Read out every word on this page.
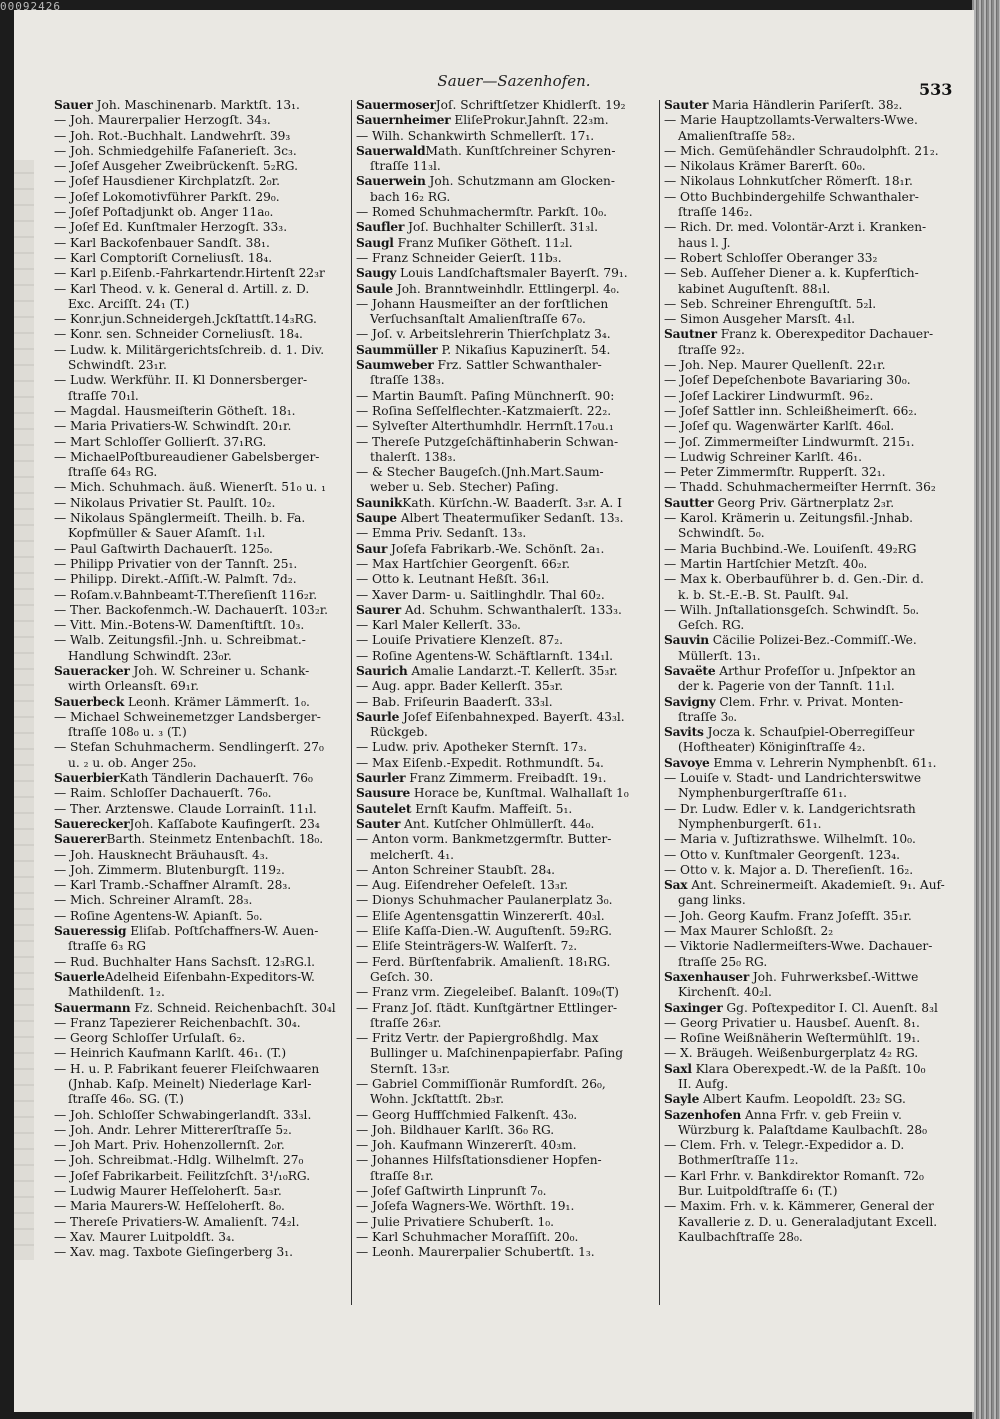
Sauer—Sazenhofen.	533
Sauer Joh. Maschinenarb. Marktſt. 13₁.
— Joh. Maurerpalier Herzogſt. 34₃.
— Joh. Rot.-Buchhalt. Landwehrſt. 39₃
— Joh. Schmiedgehilfe Faſanerieſt. 3c₃.
— Joſef Ausgeher Zweibrückenſt. 5₂RG.
— Joſef Hausdiener Kirchplatzſt. 2₀r.
— Joſef Lokomotivführer Parkſt. 29₀.
— Joſef Poſtadjunkt ob. Anger 11a₀.
— Joſef Ed. Kunſtmaler Herzogſt. 33₃.
— Karl Backofenbauer Sandſt. 38₁.
— Karl Comptoriſt Corneliusſt. 18₄.
— Karl p.Eiſenb.-Fahrkartendr.Hirtenſt 22₃r
— Karl Theod. v. k. General d. Artill. z. D.
Exc. Arciſſt. 24₁ (T.)
— Konr.jun.Schneidergeh.Jckſtattſt.14₃RG.
— Konr. sen. Schneider Corneliusſt. 18₄.
— Ludw. k. Militärgerichtsſchreib. d. 1. Div.
Schwindſt. 23₁r.
— Ludw. Werkführ. II. Kl Donnersberger-
ſtraſſe 70₁l.
— Magdal. Hausmeiſterin Götheſt. 18₁.
— Maria Privatiers-W. Schwindſt. 20₁r.
— Mart Schloſſer Gollierſt. 37₁RG.
— MichaelPoſtbureaudiener Gabelsberger-
ſtraſſe 64₃ RG.
— Mich. Schuhmach. äuß. Wienerſt. 51₀ u. ₁
— Nikolaus Privatier St. Paulſt. 10₂.
— Nikolaus Spänglermeiſt. Theilh. b. Fa.
Kopfmüller & Sauer Aſamſt. 1₁l.
— Paul Gaſtwirth Dachauerſt. 125₀.
— Philipp Privatier von der Tannſt. 25₁.
— Philipp. Direkt.-Aſſiſt.-W. Palmſt. 7d₂.
— Roſam.v.Bahnbeamt-T.Thereſienſt 116₂r.
— Ther. Backofenmch.-W. Dachauerſt. 103₂r.
— Vitt. Min.-Botens-W. Damenſtiftſt. 10₃.
— Walb. Zeitungsfil.-Jnh. u. Schreibmat.-
Handlung Schwindſt. 23₀r.
Saueracker Joh. W. Schreiner u. Schank-
wirth Orleansſt. 69₁r.
Sauerbeck Leonh. Krämer Lämmerſt. 1₀.
— Michael Schweinemetzger Landsberger-
ſtraſſe 108₀ u. ₃ (T.)
— Stefan Schuhmacherm. Sendlingerſt. 27₀
u. ₂ u. ob. Anger 25₀.
SauerbierKath Tändlerin Dachauerſt. 76₀
— Raim. Schloſſer Dachauerſt. 76₀.
— Ther. Arztenswe. Claude Lorrainſt. 11₁l.
SauereckerJoh. Kaſſabote Kaufingerſt. 23₄
SauererBarth. Steinmetz Entenbachſt. 18₀.
— Joh. Hausknecht Bräuhausſt. 4₃.
— Joh. Zimmerm. Blutenburgſt. 119₂.
— Karl Tramb.-Schaffner Alramſt. 28₃.
— Mich. Schreiner Alramſt. 28₃.
— Roſine Agentens-W. Apianſt. 5₀.
Saueressig Eliſab. Poſtſchaffners-W. Auen-
ſtraſſe 6₃ RG
— Rud. Buchhalter Hans Sachsſt. 12₃RG.l.
SauerleAdelheid Eiſenbahn-Expeditors-W.
Mathildenſt. 1₂.
Sauermann Fz. Schneid. Reichenbachſt. 30₄l
— Franz Tapezierer Reichenbachſt. 30₄.
— Georg Schloſſer Urſulaſt. 6₂.
— Heinrich Kaufmann Karlſt. 46₁. (T.)
— H. u. P. Fabrikant feuerer Fleiſchwaaren
(Jnhab. Kaſp. Meinelt) Niederlage Karl-
ſtraſſe 46₀. SG. (T.)
— Joh. Schloſſer Schwabingerlandſt. 33₃l.
— Joh. Andr. Lehrer Mittererſtraſſe 5₂.
— Joh Mart. Priv. Hohenzollernſt. 2₀r.
— Joh. Schreibmat.-Hdlg. Wilhelmſt. 27₀
— Joſef Fabrikarbeit. Feilitzſchſt. 3¹/₁₀RG.
— Ludwig Maurer Heſſeloherſt. 5a₃r.
— Maria Maurers-W. Heſſeloherſt. 8₀.
— Thereſe Privatiers-W. Amalienſt. 74₂l.
— Xav. Maurer Luitpoldſt. 3₄.
— Xav. mag. Taxbote Gieſingerberg 3₁.
SauermoserJoſ. Schriftſetzer Khidlerſt. 19₂
Sauernheimer EliſeProkur.Jahnſt. 22₃m.
— Wilh. Schankwirth Schmellerſt. 17₁.
SauerwaldMath. Kunſtſchreiner Schyren-
ſtraſſe 11₃l.
Sauerwein Joh. Schutzmann am Glocken-
bach 16₂ RG.
— Romed Schuhmachermſtr. Parkſt. 10₀.
Saufler Joſ. Buchhalter Schillerſt. 31₃l.
Saugl Franz Muſiker Götheſt. 11₂l.
— Franz Schneider Geierſt. 11b₃.
Saugy Louis Landſchaftsmaler Bayerſt. 79₁.
Saule Joh. Branntweinhdlr. Ettlingerpl. 4₀.
— Johann Hausmeiſter an der forſtlichen
Verſuchsanſtalt Amalienſtraſſe 67₀.
— Joſ. v. Arbeitslehrerin Thierſchplatz 3₄.
Saummüller P. Nikaſius Kapuzinerſt. 54.
Saumweber Frz. Sattler Schwanthaler-
ſtraſſe 138₃.
— Martin Baumſt. Paſing Münchnerſt. 90:
— Roſina Seſſelflechter.-Katzmaierſt. 22₂.
— Sylveſter Alterthumhdlr. Herrnſt.17₀u.₁
— Thereſe Putzgeſchäftinhaberin Schwan-
thalerſt. 138₃.
— & Stecher Baugeſch.(Jnh.Mart.Saum-
weber u. Seb. Stecher) Paſing.
SaunikKath. Kürſchn.-W. Baaderſt. 3₃r. A. I
Saupe Albert Theatermuſiker Sedanſt. 13₃.
— Emma Priv. Sedanſt. 13₃.
Saur Joſefa Fabrikarb.-We. Schönſt. 2a₁.
— Max Hartſchier Georgenſt. 66₂r.
— Otto k. Leutnant Heßſt. 36₁l.
— Xaver Darm- u. Saitlinghdlr. Thal 60₂.
Saurer Ad. Schuhm. Schwanthalerſt. 133₃.
— Karl Maler Kellerſt. 33₀.
— Louiſe Privatiere Klenzeſt. 87₂.
— Roſine Agentens-W. Schäftlarnſt. 134₁l.
Saurich Amalie Landarzt.-T. Kellerſt. 35₃r.
— Aug. appr. Bader Kellerſt. 35₃r.
— Bab. Friſeurin Baaderſt. 33₃l.
Saurle Joſef Eiſenbahnexped. Bayerſt. 43₃l.
Rückgeb.
— Ludw. priv. Apotheker Sternſt. 17₃.
— Max Eiſenb.-Expedit. Rothmundſt. 5₄.
Saurler Franz Zimmerm. Freibadſt. 19₁.
Sausure Horace be, Kunſtmal. Walhallaſt 1₀
Sautelet Ernſt Kaufm. Maffeiſt. 5₁.
Sauter Ant. Kutſcher Ohlmüllerſt. 44₀.
— Anton vorm. Bankmetzgermſtr. Butter-
melcherſt. 4₁.
— Anton Schreiner Staubſt. 28₄.
— Aug. Eiſendreher Oefeleſt. 13₃r.
— Dionys Schuhmacher Paulanerplatz 3₀.
— Eliſe Agentensgattin Winzererſt. 40₃l.
— Eliſe Kaſſa-Dien.-W. Auguſtenſt. 59₂RG.
— Eliſe Steinträgers-W. Walſerſt. 7₂.
— Ferd. Bürſtenfabrik. Amalienſt. 18₁RG.
Geſch. 30.
— Franz vrm. Ziegeleibeſ. Balanſt. 109₀(T)
— Franz Joſ. ſtädt. Kunſtgärtner Ettlinger-
ſtraſſe 26₃r.
— Fritz Vertr. der Papiergroßhdlg. Max
Bullinger u. Maſchinenpapierfabr. Paſing
Sternſt. 13₃r.
— Gabriel Commiſſionär Rumfordſt. 26₀,
Wohn. Jckſtattſt. 2b₃r.
— Georg Huffſchmied Falkenſt. 43₀.
— Joh. Bildhauer Karlſt. 36₀ RG.
— Joh. Kaufmann Winzererſt. 40₃m.
— Johannes Hilfsſtationsdiener Hopfen-
ſtraſſe 8₁r.
— Joſef Gaſtwirth Linprunſt 7₀.
— Joſefa Wagners-We. Wörthſt. 19₁.
— Julie Privatiere Schuberſt. 1₀.
— Karl Schuhmacher Moraſſiſt. 20₀.
— Leonh. Maurerpalier Schubertſt. 1₃.
Sauter Maria Händlerin Pariſerſt. 38₂.
— Marie Hauptzollamts-Verwalters-Wwe.
Amalienſtraſſe 58₂.
— Mich. Gemüſehändler Schraudolphſt. 21₂.
— Nikolaus Krämer Barerſt. 60₀.
— Nikolaus Lohnkutſcher Römerſt. 18₁r.
— Otto Buchbindergehilfe Schwanthaler-
ſtraſſe 146₂.
— Rich. Dr. med. Volontär-Arzt i. Kranken-
haus l. J.
— Robert Schloſſer Oberanger 33₂
— Seb. Auſſeher Diener a. k. Kupferſtich-
kabinet Auguſtenſt. 88₁l.
— Seb. Schreiner Ehrenguſtſt. 5₂l.
— Simon Ausgeher Marsſt. 4₁l.
Sautner Franz k. Oberexpeditor Dachauer-
ſtraſſe 92₂.
— Joh. Nep. Maurer Quellenſt. 22₁r.
— Joſef Depeſchenbote Bavariaring 30₀.
— Joſef Lackirer Lindwurmſt. 96₂.
— Joſef Sattler inn. Schleißheimerſt. 66₂.
— Joſef qu. Wagenwärter Karlſt. 46₀l.
— Joſ. Zimmermeiſter Lindwurmſt. 215₁.
— Ludwig Schreiner Karlſt. 46₁.
— Peter Zimmermſtr. Rupperſt. 32₁.
— Thadd. Schuhmachermeiſter Herrnſt. 36₂
Sautter Georg Priv. Gärtnerplatz 2₃r.
— Karol. Krämerin u. Zeitungsfil.-Jnhab.
Schwindſt. 5₀.
— Maria Buchbind.-We. Louiſenſt. 49₂RG
— Martin Hartſchier Metzſt. 40₀.
— Max k. Oberbauführer b. d. Gen.-Dir. d.
k. b. St.-E.-B. St. Paulſt. 9₄l.
— Wilh. Jnſtallationsgeſch. Schwindſt. 5₀.
Geſch. RG.
Sauvin Cäcilie Polizei-Bez.-Commiſſ.-We.
Müllerſt. 13₁.
Savaëte Arthur Profeſſor u. Jnſpektor an
der k. Pagerie von der Tannſt. 11₁l.
Savigny Clem. Frhr. v. Privat. Monten-
ſtraſſe 3₀.
Savits Jocza k. Schauſpiel-Oberregiſſeur
(Hoftheater) Königinſtraſſe 4₂.
Savoye Emma v. Lehrerin Nymphenbſt. 61₁.
— Louiſe v. Stadt- und Landrichterswitwe
Nymphenburgerſtraſſe 61₁.
— Dr. Ludw. Edler v. k. Landgerichtsrath
Nymphenburgerſt. 61₁.
— Maria v. Juſtizrathswe. Wilhelmſt. 10₀.
— Otto v. Kunſtmaler Georgenſt. 123₄.
— Otto v. k. Major a. D. Thereſienſt. 16₂.
Sax Ant. Schreinermeiſt. Akademieſt. 9₁. Auf-
gang links.
— Joh. Georg Kaufm. Franz Joſefſt. 35₁r.
— Max Maurer Schloßſt. 2₂
— Viktorie Nadlermeiſters-Wwe. Dachauer-
ſtraſſe 25₀ RG.
Saxenhauser Joh. Fuhrwerksbeſ.-Wittwe
Kirchenſt. 40₂l.
Saxinger Gg. Poſtexpeditor I. Cl. Auenſt. 8₃l
— Georg Privatier u. Hausbeſ. Auenſt. 8₁.
— Roſine Weißnäherin Weſtermühlſt. 19₁.
— X. Bräugeh. Weißenburgerplatz 4₂ RG.
Saxl Klara Oberexpedt.-W. de la Paßſt. 10₀
II. Aufg.
Sayle Albert Kaufm. Leopoldſt. 23₂ SG.
Sazenhofen Anna Frfr. v. geb Freiin v.
Würzburg k. Palaſtdame Kaulbachſt. 28₀
— Clem. Frh. v. Telegr.-Expedidor a. D.
Bothmerſtraſſe 11₂.
— Karl Frhr. v. Bankdirektor Romanſt. 72₀
Bur. Luitpoldſtraſſe 6₁ (T.)
— Maxim. Frh. v. k. Kämmerer, General der
Kavallerie z. D. u. Generaladjutant Excell.
Kaulbachſtraſſe 28₀.
00092426
